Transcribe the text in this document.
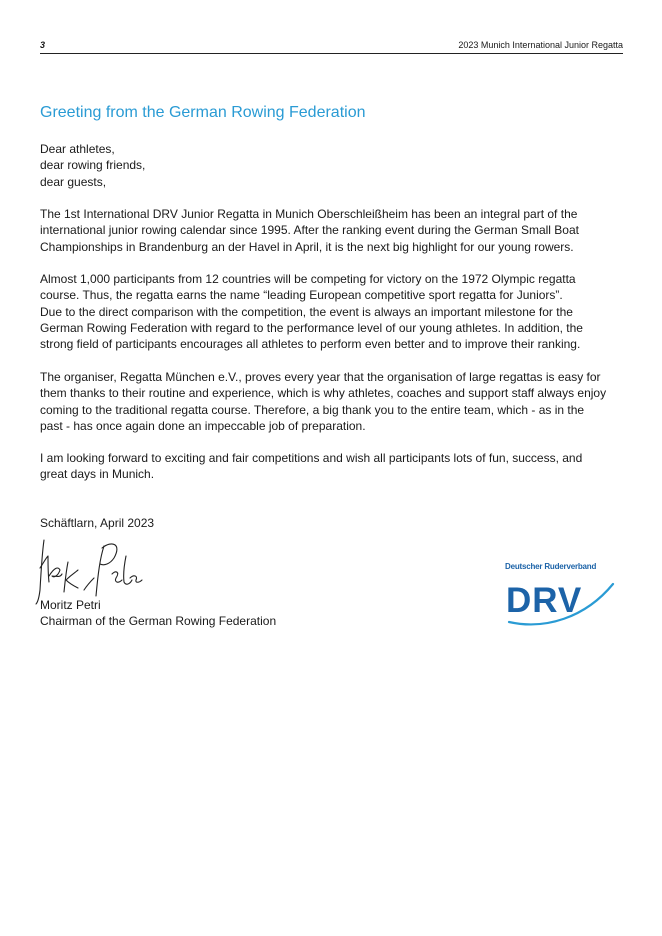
3	2023 Munich International Junior Regatta
Greeting from the German Rowing Federation

Dear athletes,
dear rowing friends,
dear guests,

The 1st International DRV Junior Regatta in Munich Oberschleißheim has been an integral part of the
international junior rowing calendar since 1995. After the ranking event during the German Small Boat
Championships in Brandenburg an der Havel in April, it is the next big highlight for our young rowers.

Almost 1,000 participants from 12 countries will be competing for victory on the 1972 Olympic regatta
course. Thus, the regatta earns the name “leading European competitive sport regatta for Juniors”.
Due to the direct comparison with the competition, the event is always an important milestone for the
German Rowing Federation with regard to the performance level of our young athletes. In addition, the
strong field of participants encourages all athletes to perform even better and to improve their ranking.

The organiser, Regatta München e.V., proves every year that the organisation of large regattas is easy for
them thanks to their routine and experience, which is why athletes, coaches and support staff always enjoy
coming to the traditional regatta course. Therefore, a big thank you to the entire team, which - as in the
past - has once again done an impeccable job of preparation.

I am looking forward to exciting and fair competitions and wish all participants lots of fun, success, and
great days in Munich.

Schäftlarn, April 2023

Moritz Petri
Chairman of the German Rowing Federation
Deutscher Ruderverband
DRV
